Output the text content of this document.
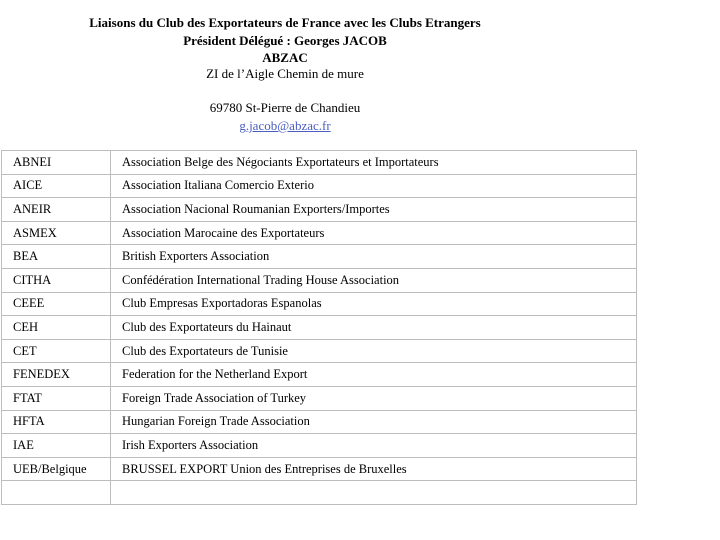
Liaisons du Club des Exportateurs de France avec les Clubs Etrangers
Président Délégué : Georges JACOB
ABZAC
ZI de l’Aigle Chemin de mure
69780 St-Pierre de Chandieu
g.jacob@abzac.fr
ABNEI	Association Belge des Négociants Exportateurs et Importateurs
AICE	Association Italiana Comercio Exterio
ANEIR	Association Nacional Roumanian Exporters/Importes
ASMEX	Association Marocaine des Exportateurs
BEA	British Exporters Association
CITHA	Confédération International Trading House Association
CEEE	Club Empresas Exportadoras Espanolas
CEH	Club des Exportateurs du Hainaut
CET	Club des Exportateurs de Tunisie
FENEDEX	Federation for the Netherland Export
FTAT	Foreign Trade Association of Turkey
HFTA	Hungarian Foreign Trade Association
IAE	Irish Exporters Association
UEB/Belgique	BRUSSEL EXPORT Union des Entreprises de Bruxelles
